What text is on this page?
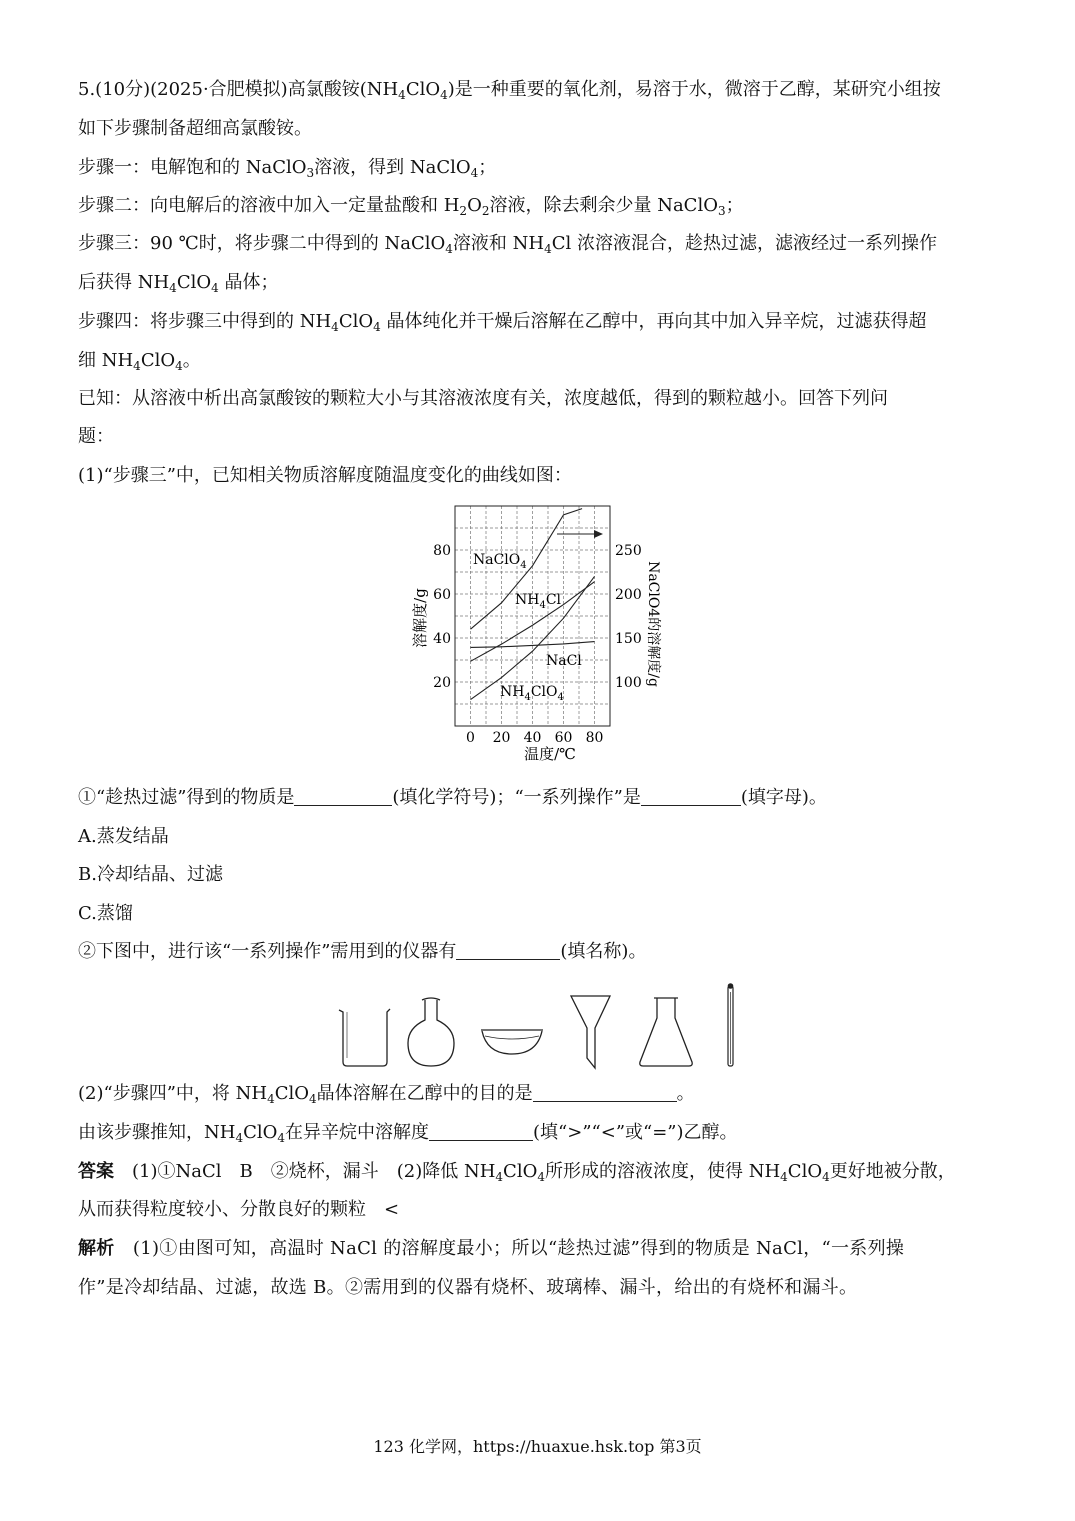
5.(10分)(2025·合肥模拟)高氯酸铵$(NH_4ClO_4)$是一种重要的氧化剂，易溶于水，微溶于乙醇，某研究小组按
如下步骤制备超细高氯酸铵。
步骤一：电解饱和的 NaClO$_3$溶液，得到 NaClO$_4$；
步骤二：向电解后的溶液中加入一定量盐酸和 $H_2O_2$溶液，除去剩余少量 NaClO$_3$；
步骤三：90 ℃时，将步骤二中得到的 NaClO$_4$溶液和 $NH_4Cl$ 浓溶液混合，趁热过滤，滤液经过一系列操作
后获得 $NH_4ClO_4$ 晶体；
步骤四：将步骤三中得到的 $NH_4ClO_4$ 晶体纯化并干燥后溶解在乙醇中，再向其中加入异辛烷，过滤获得超
细 $NH_4ClO_4$。
已知：从溶液中析出高氯酸铵的颗粒大小与其溶液浓度有关，浓度越低，得到的颗粒越小。回答下列问
题：
(1)“步骤三”中，已知相关物质溶解度随温度变化的曲线如图：
0 20 40 60 80
20
40
60
80
100
150
200
250
NaClO$_4$
$NH_4Cl$
NaCl
$NH_4ClO_4$
温度/℃
溶解度/g	NaClO4的溶解度/g
①“趁热过滤”得到的物质是	(填化学符号)；“一系列操作”是	(填字母)。
A.蒸发结晶
B.冷却结晶、过滤
C.蒸馏
②下图中，进行该“一系列操作”需用到的仪器有	(填名称)。
(2)“步骤四”中，将 $NH_4ClO_4$晶体溶解在乙醇中的目的是	。
由该步骤推知，$NH_4ClO_4$在异辛烷中溶解度	(填“>”“<”或“=”)乙醇。
答案　(1)①NaCl　B　②烧杯，漏斗　(2)降低 $NH_4ClO_4$所形成的溶液浓度，使得 $NH_4ClO_4$更好地被分散，
从而获得粒度较小、分散良好的颗粒　<
解析　(1)①由图可知，高温时 NaCl 的溶解度最小；所以“趁热过滤”得到的物质是 NaCl，“一系列操
作”是冷却结晶、过滤，故选 B。②需用到的仪器有烧杯、玻璃棒、漏斗，给出的有烧杯和漏斗。
123 化学网，https://huaxue.hsk.top 第3页
